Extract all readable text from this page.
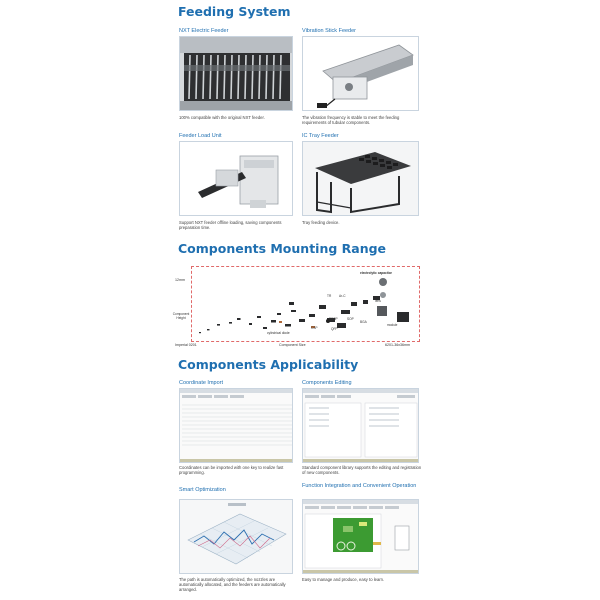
Feeding System
NXT Electric Feeder
100% compatible with the original NXT feeder.
Vibration Stick Feeder
The vibration frequency is stable to meet the feeding requirements of tubular components.
Feeder Load Unit
Support NXT feeder offline loading, saving components preparation time.
IC Tray Feeder
Tray feeding device.
Components Mounting Range
12mm
Component Height
Imperial 0201	Component Size	6201-36x36mm
electrolytic capacitor
TR Ar-C
lens
BGA
module
TSOP	SOP
CSP	QFP
cylindrical diode
Components Applicability
Coordinate Import
Coordinates can be imported with one key to realize fast programming.
Components Editing
Standard component library supports the editing and registration of new components.
Smart Optimization
The path is automatically optimized, the nozzles are automatically allocated, and the feeders are automatically arranged.
Function Integration and Convenient Operation
Easy to manage and produce, easy to learn.
